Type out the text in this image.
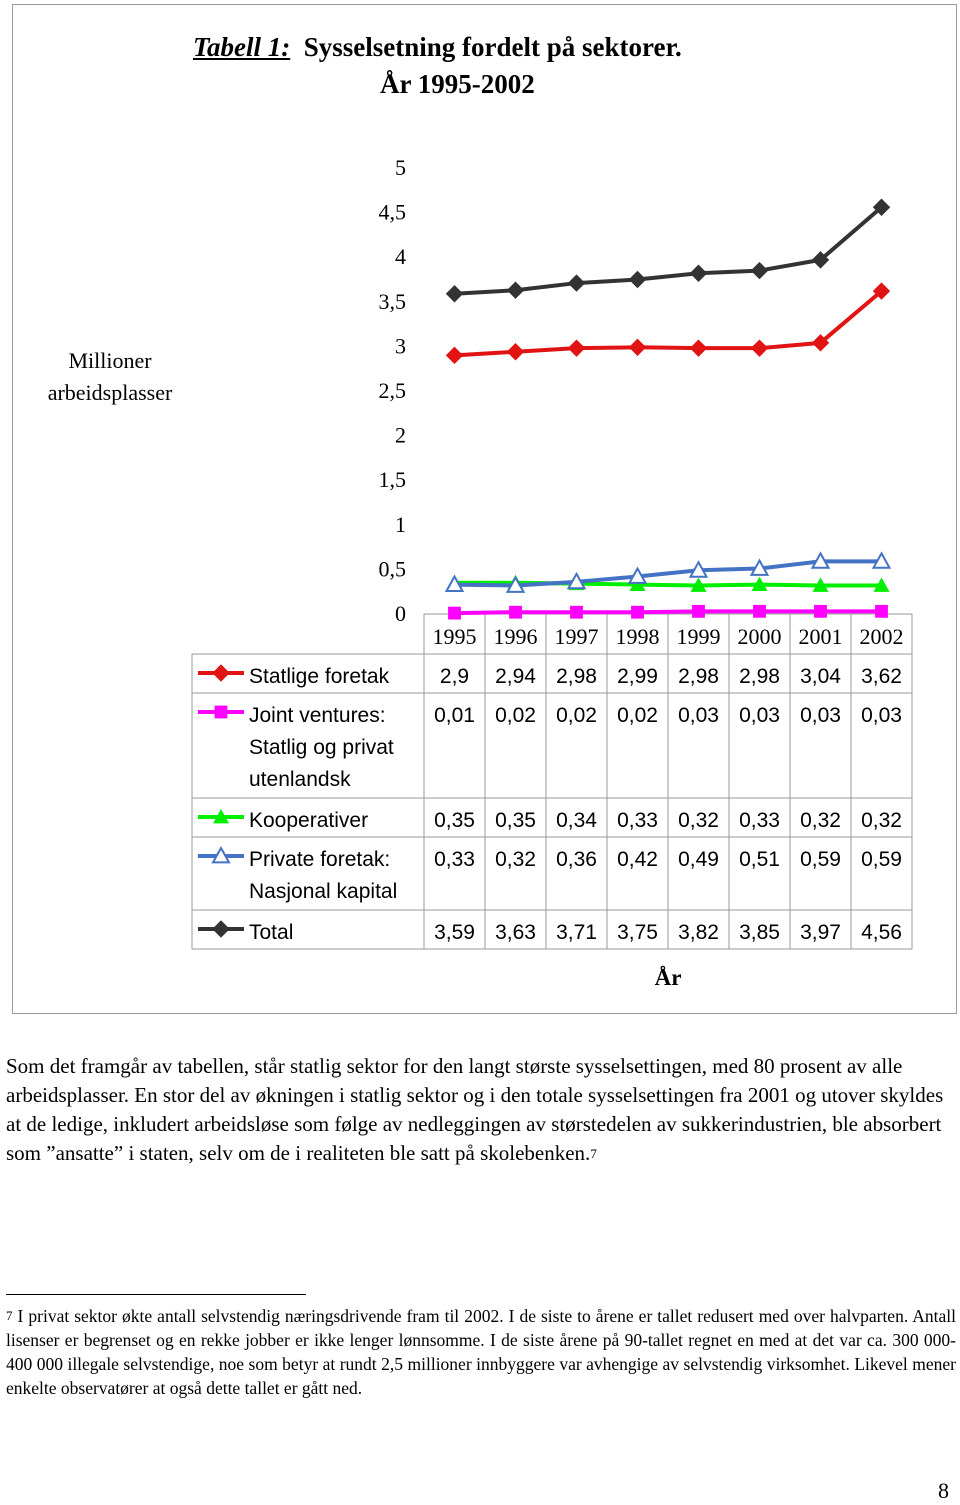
Tabell 1: Sysselsetning fordelt på sektorer.
År 1995-2002
Millioner
arbeidsplasser
0
0,5
1
1,5
2
2,5
3
3,5
4
4,5
5
1995 1996 1997 1998 1999 2000 2001 2002
Statlige foretak 2,9 2,94 2,98 2,99 2,98 2,98 3,04 3,62
Joint ventures:
Statlig og privat
utenlandsk
0,01 0,02 0,02 0,02 0,03 0,03 0,03 0,03
Kooperativer	0,35 0,35 0,34 0,33 0,32 0,33 0,32 0,32
Private foretak:
Nasjonal kapital
0,33 0,32 0,36 0,42 0,49 0,51 0,59 0,59
Total	3,59 3,63 3,71 3,75 3,82 3,85 3,97 4,56
År
Som det framgår av tabellen, står statlig sektor for den langt største sysselsettingen, med 80 prosent av alle arbeidsplasser. En stor del av økningen i statlig sektor og i den totale sysselsettingen fra 2001 og utover skyldes at de ledige, inkludert arbeidsløse som følge av nedleggingen av størstedelen av sukkerindustrien, ble absorbert som ”ansatte” i staten, selv om de i realiteten ble satt på skolebenken.$^7$
$^7$ I privat sektor økte antall selvstendig næringsdrivende fram til 2002. I de siste to årene er tallet redusert med over halvparten. Antall lisenser er begrenset og en rekke jobber er ikke lenger lønnsomme. I de siste årene på 90-tallet regnet en med at det var ca. 300 000-400 000 illegale selvstendige, noe som betyr at rundt 2,5 millioner innbyggere var avhengige av selvstendig virksomhet. Likevel mener enkelte observatører at også dette tallet er gått ned.
8
